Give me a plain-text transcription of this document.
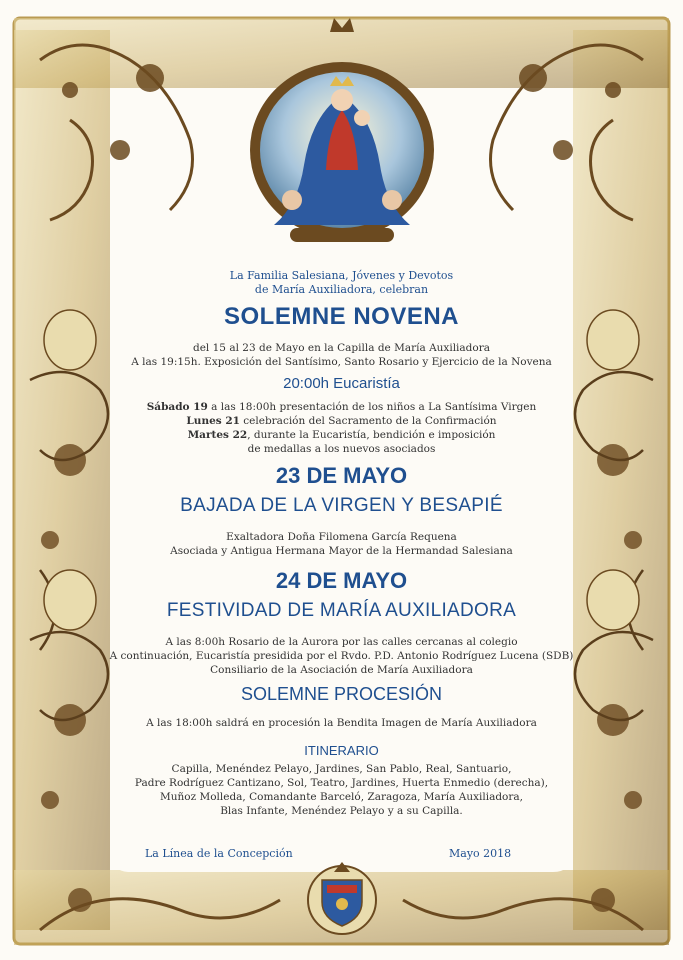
La Familia Salesiana, Jóvenes y Devotos
de María Auxiliadora, celebran
SOLEMNE NOVENA
del 15 al 23 de Mayo en la Capilla de María Auxiliadora
A las 19:15h. Exposición del Santísimo, Santo Rosario y Ejercicio de la Novena
20:00h Eucaristía
Sábado 19 a las 18:00h presentación de los niños a La Santísima Virgen
Lunes 21 celebración del Sacramento de la Confirmación
Martes 22, durante la Eucaristía, bendición e imposición
de medallas a los nuevos asociados
23 DE MAYO
BAJADA DE LA VIRGEN Y BESAPIÉ
Exaltadora Doña Filomena García Requena
Asociada y Antigua Hermana Mayor de la Hermandad Salesiana
24 DE MAYO
FESTIVIDAD DE MARÍA AUXILIADORA
A las 8:00h Rosario de la Aurora por las calles cercanas al colegio
A continuación, Eucaristía presidida por el Rvdo. P.D. Antonio Rodríguez Lucena (SDB)
Consiliario de la Asociación de María Auxiliadora
SOLEMNE PROCESIÓN
A las 18:00h saldrá en procesión la Bendita Imagen de María Auxiliadora
ITINERARIO
Capilla, Menéndez Pelayo, Jardines, San Pablo, Real, Santuario,
Padre Rodríguez Cantizano, Sol, Teatro, Jardines, Huerta Enmedio (derecha),
Muñoz Molleda, Comandante Barceló, Zaragoza, María Auxiliadora,
Blas Infante, Menéndez Pelayo y a su Capilla.
La Línea de la Concepción	Mayo 2018
